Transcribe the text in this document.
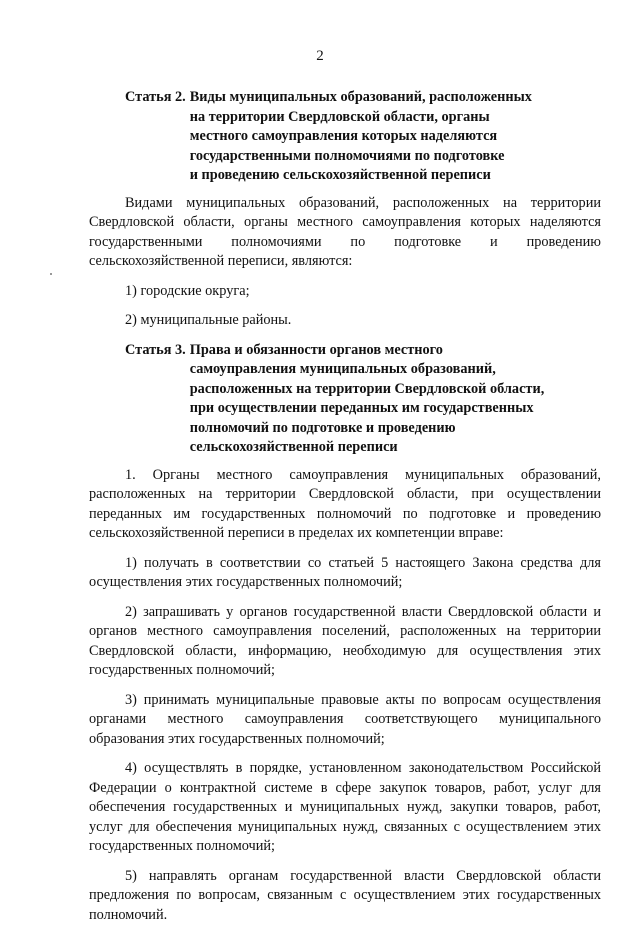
2
Статья 2. Виды муниципальных образований, расположенных
на территории Свердловской области, органы
местного самоуправления которых наделяются
государственными полномочиями по подготовке
и проведению сельскохозяйственной переписи

Видами муниципальных образований, расположенных на территории Свердловской области, органы местного самоуправления которых наделяются государственными полномочиями по подготовке и проведению сельскохозяйственной переписи, являются:

1) городские округа;

2) муниципальные районы.

Статья 3. Права и обязанности органов местного
самоуправления муниципальных образований,
расположенных на территории Свердловской области,
при осуществлении переданных им государственных
полномочий по подготовке и проведению
сельскохозяйственной переписи

1. Органы местного самоуправления муниципальных образований, расположенных на территории Свердловской области, при осуществлении переданных им государственных полномочий по подготовке и проведению сельскохозяйственной переписи в пределах их компетенции вправе:

1) получать в соответствии со статьей 5 настоящего Закона средства для осуществления этих государственных полномочий;

2) запрашивать у органов государственной власти Свердловской области и органов местного самоуправления поселений, расположенных на территории Свердловской области, информацию, необходимую для осуществления этих государственных полномочий;

3) принимать муниципальные правовые акты по вопросам осуществления органами местного самоуправления соответствующего муниципального образования этих государственных полномочий;

4) осуществлять в порядке, установленном законодательством Российской Федерации о контрактной системе в сфере закупок товаров, работ, услуг для обеспечения государственных и муниципальных нужд, закупки товаров, работ, услуг для обеспечения муниципальных нужд, связанных с осуществлением этих государственных полномочий;

5) направлять органам государственной власти Свердловской области предложения по вопросам, связанным с осуществлением этих государственных полномочий.
